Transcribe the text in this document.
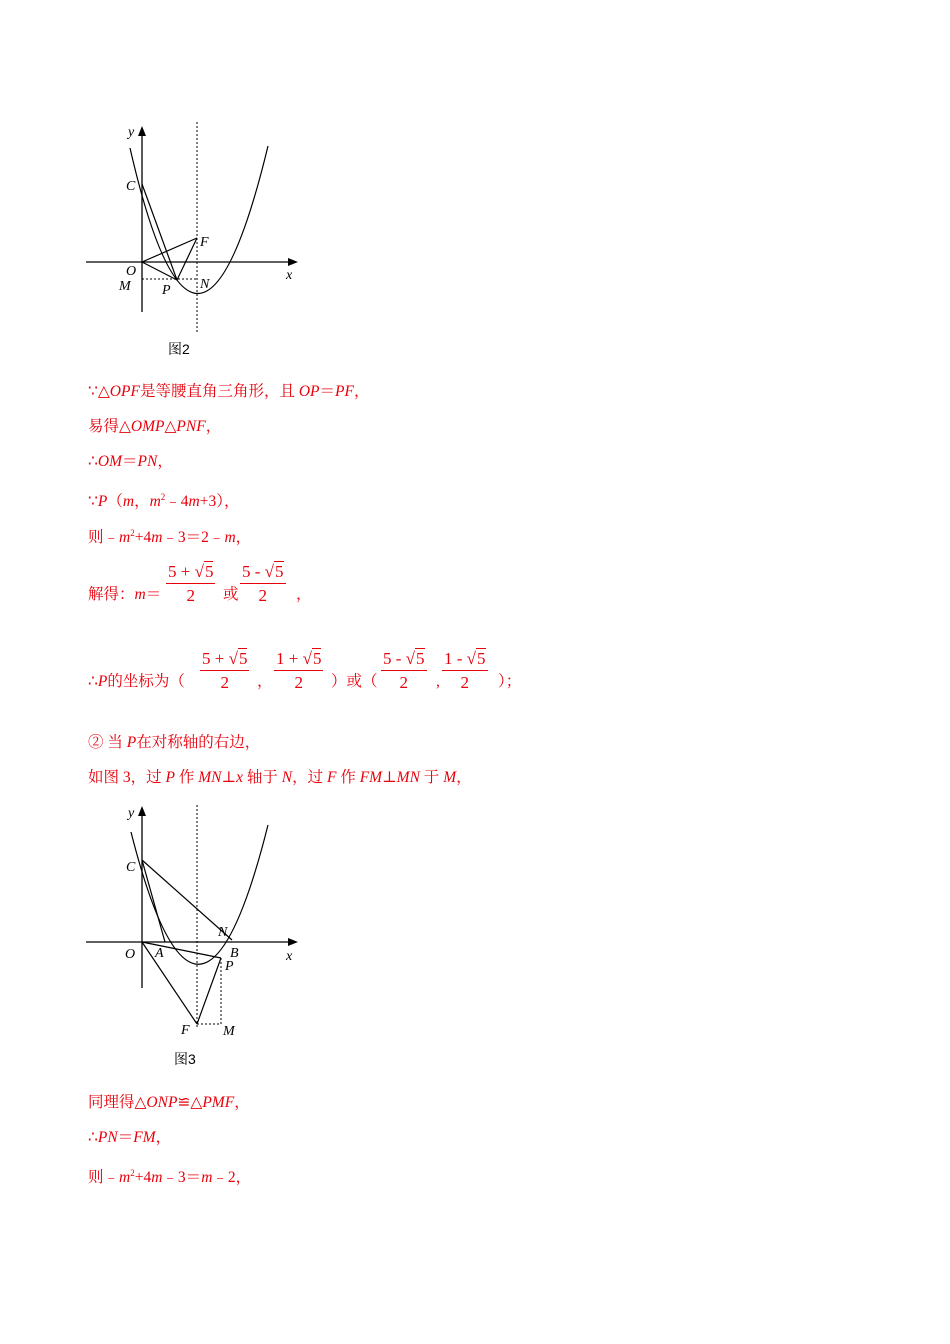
y
x
C
F
O
M P N
图2
∵△OPF是等腰直角三角形，且 OP＝PF，
易得△OMP△PNF，
∴OM＝PN，
∵P（m，$m^2﹣4m+3$），
则$﹣m^2+4m﹣3=2﹣m$，
解得：$m= \frac{5 + √5}{2}$ 或 $\frac{5 - √5}{2}$ ，
∴P的坐标为（ $\frac{5 + √5}{2}$ ， $\frac{1 + √5}{2}$ ）或（ $\frac{5 - √5}{2}$ , $\frac{1 - √5}{2}$ ）；
② 当 P在对称轴的右边，
如图 3，过 P 作 MN⊥x 轴于 N，过 F 作 FM⊥MN 于 M，
y
x
C
N
O A	B
P
F M
图3
同理得△ONP≌△PMF，
∴PN＝FM，
则$﹣m^2+4m﹣3=m﹣2$，
